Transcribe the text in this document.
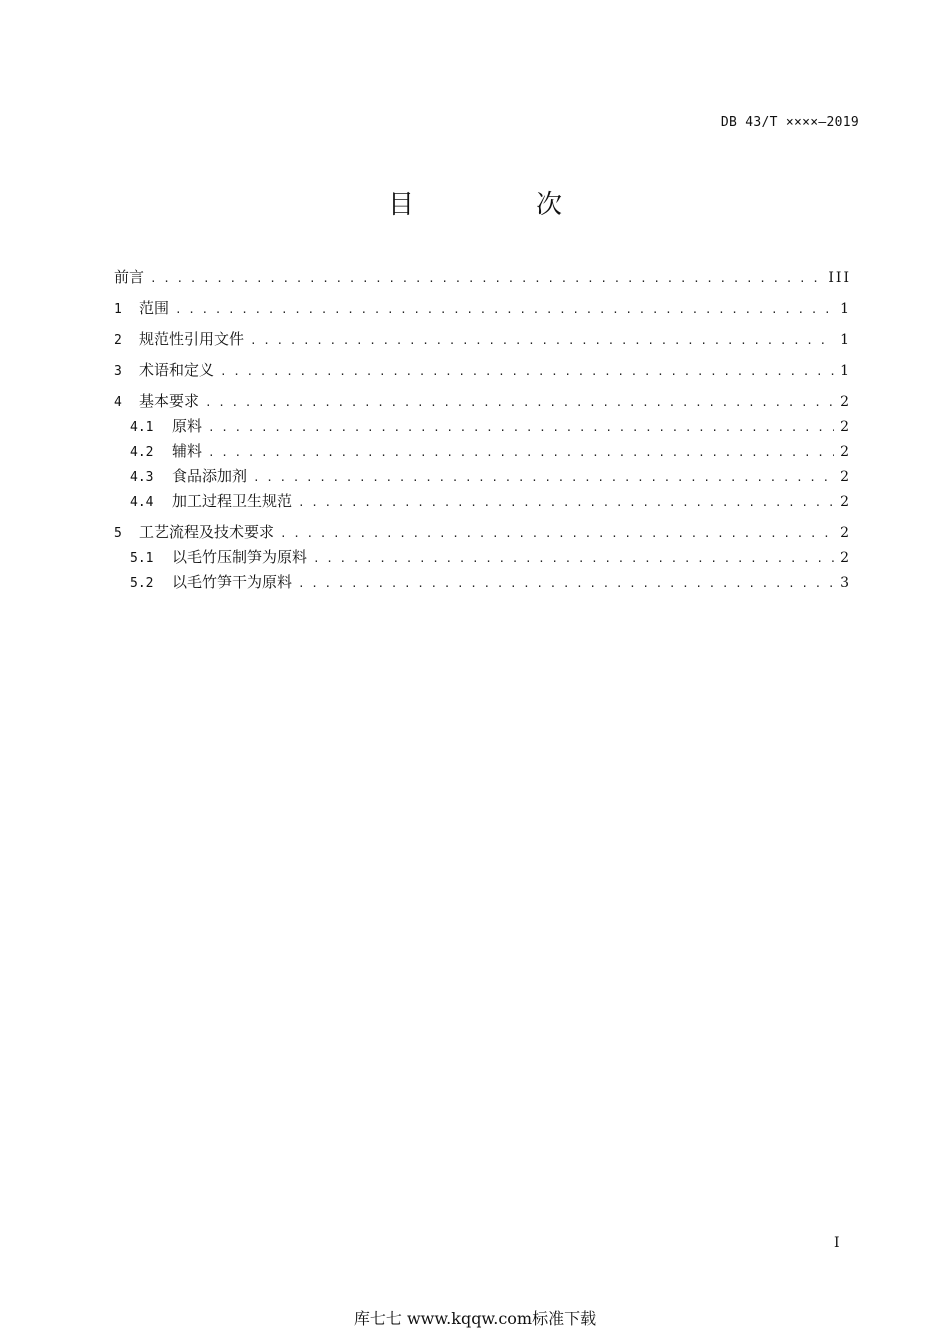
DB 43/T ××××—2019
目　次
前言 . . .	III
1	范围 . . .	1
2	规范性引用文件 . . .	1
3	术语和定义 . . .	1
4	基本要求 . . .	2
4.1	原料 . . .	2
4.2	辅料 . . .	2
4.3	食品添加剂 . . .	2
4.4	加工过程卫生规范 . . .	2
5	工艺流程及技术要求 . . .	2
5.1	以毛竹压制笋为原料 . . .	2
5.2	以毛竹笋干为原料 . . .	3
I
库七七 www.kqqw.com标准下载
